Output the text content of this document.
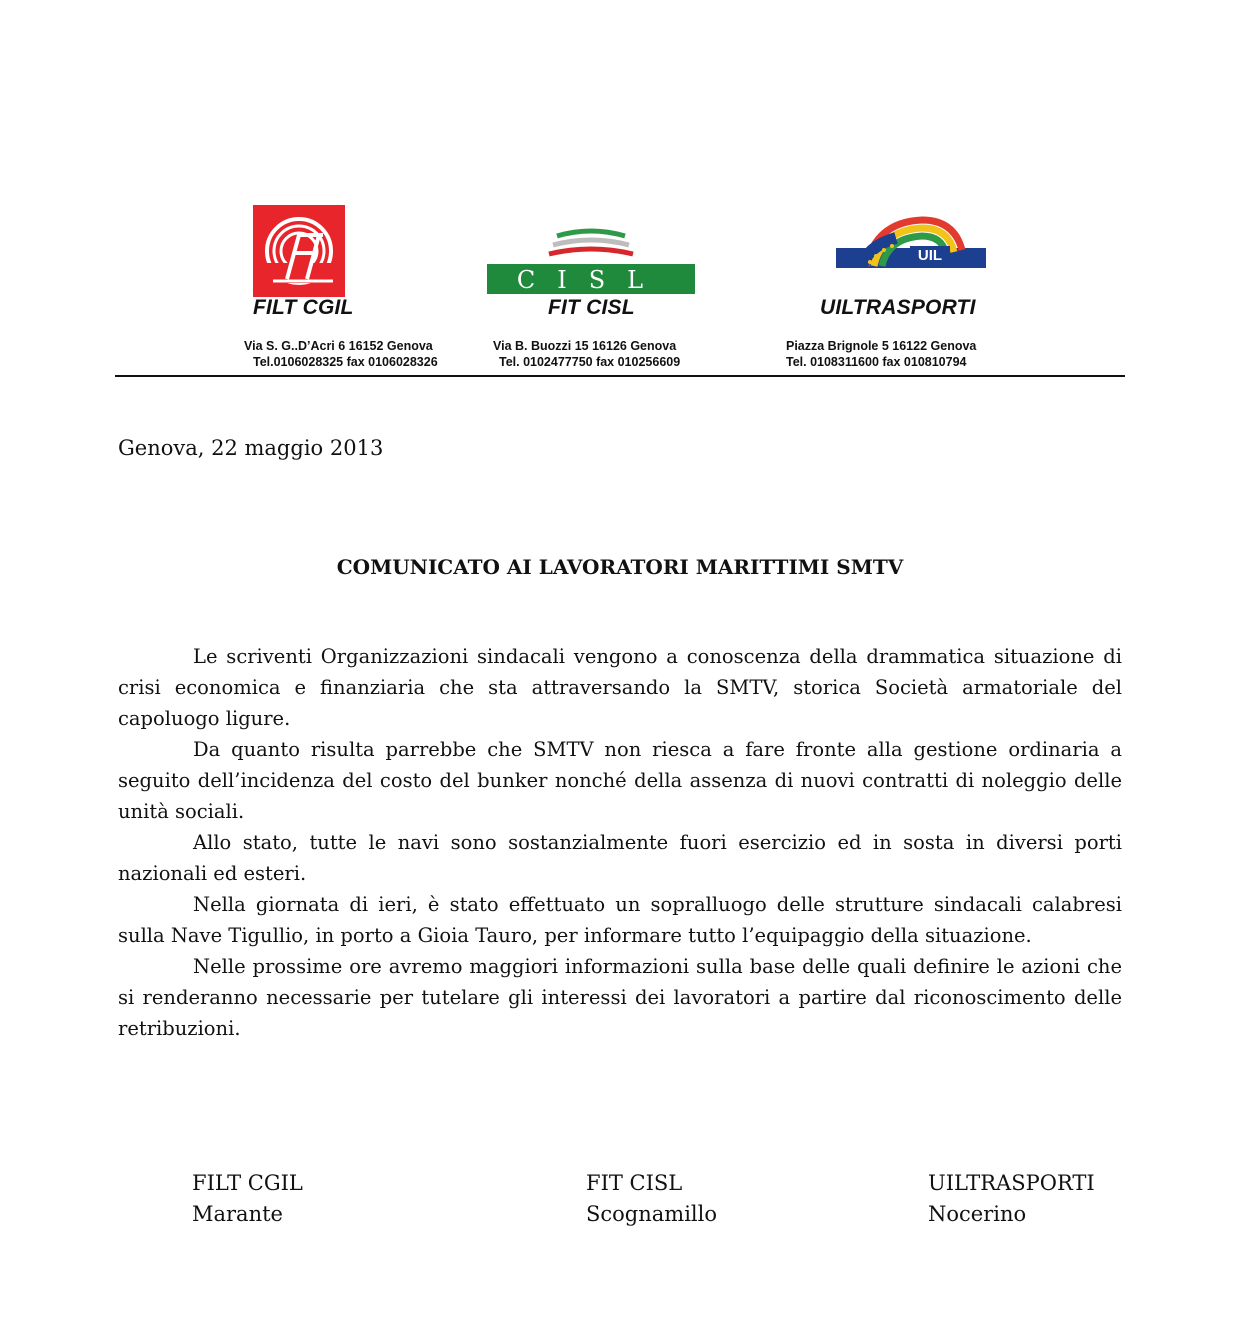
CISL
UIL
FILT CGIL	FIT CISL	UILTRASPORTI
Via S. G..D’Acri 6 16152 Genova
Tel.0106028325 fax 0106028326
Via B. Buozzi 15 16126 Genova
Tel. 0102477750 fax 010256609
Piazza Brignole 5 16122 Genova
Tel. 0108311600 fax 010810794
Genova, 22 maggio 2013
COMUNICATO AI LAVORATORI MARITTIMI SMTV

Le scriventi Organizzazioni sindacali vengono a conoscenza della drammatica situazione di crisi economica e finanziaria che sta attraversando la SMTV, storica Società armatoriale del capoluogo ligure.

Da quanto risulta parrebbe che SMTV non riesca a fare fronte alla gestione ordinaria a seguito dell’incidenza del costo del bunker nonché della assenza di nuovi contratti di noleggio delle unità sociali.

Allo stato, tutte le navi sono sostanzialmente fuori esercizio ed in sosta in diversi porti nazionali ed esteri.

Nella giornata di ieri, è stato effettuato un sopralluogo delle strutture sindacali calabresi sulla Nave Tigullio, in porto a Gioia Tauro, per informare tutto l’equipaggio della situazione.

Nelle prossime ore avremo maggiori informazioni sulla base delle quali definire le azioni che si renderanno necessarie per tutelare gli interessi dei lavoratori a partire dal riconoscimento delle retribuzioni.

FILT CGIL
Marante
FIT CISL
Scognamillo
UILTRASPORTI
Nocerino
